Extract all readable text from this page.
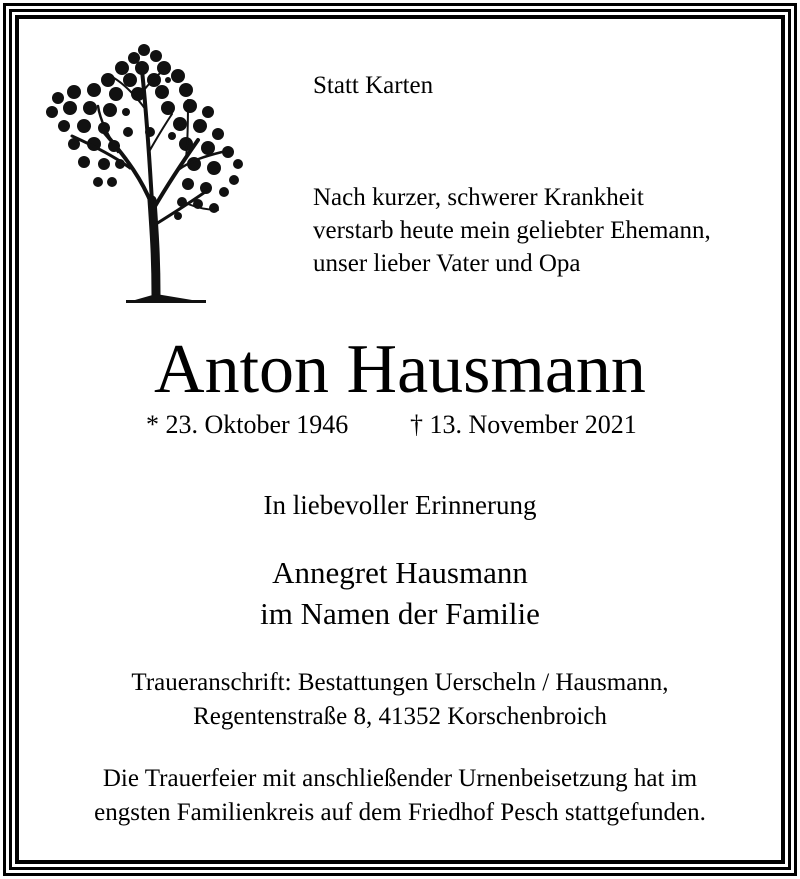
Statt Karten
Nach kurzer, schwerer Krankheit
verstarb heute mein geliebter Ehemann,
unser lieber Vater und Opa
Anton Hausmann
* 23. Oktober 1946 † 13. November 2021
In liebevoller Erinnerung
Annegret Hausmann
im Namen der Familie
Traueranschrift: Bestattungen Uerscheln / Hausmann,
Regentenstraße 8, 41352 Korschenbroich
Die Trauerfeier mit anschließender Urnenbeisetzung hat im
engsten Familienkreis auf dem Friedhof Pesch stattgefunden.
